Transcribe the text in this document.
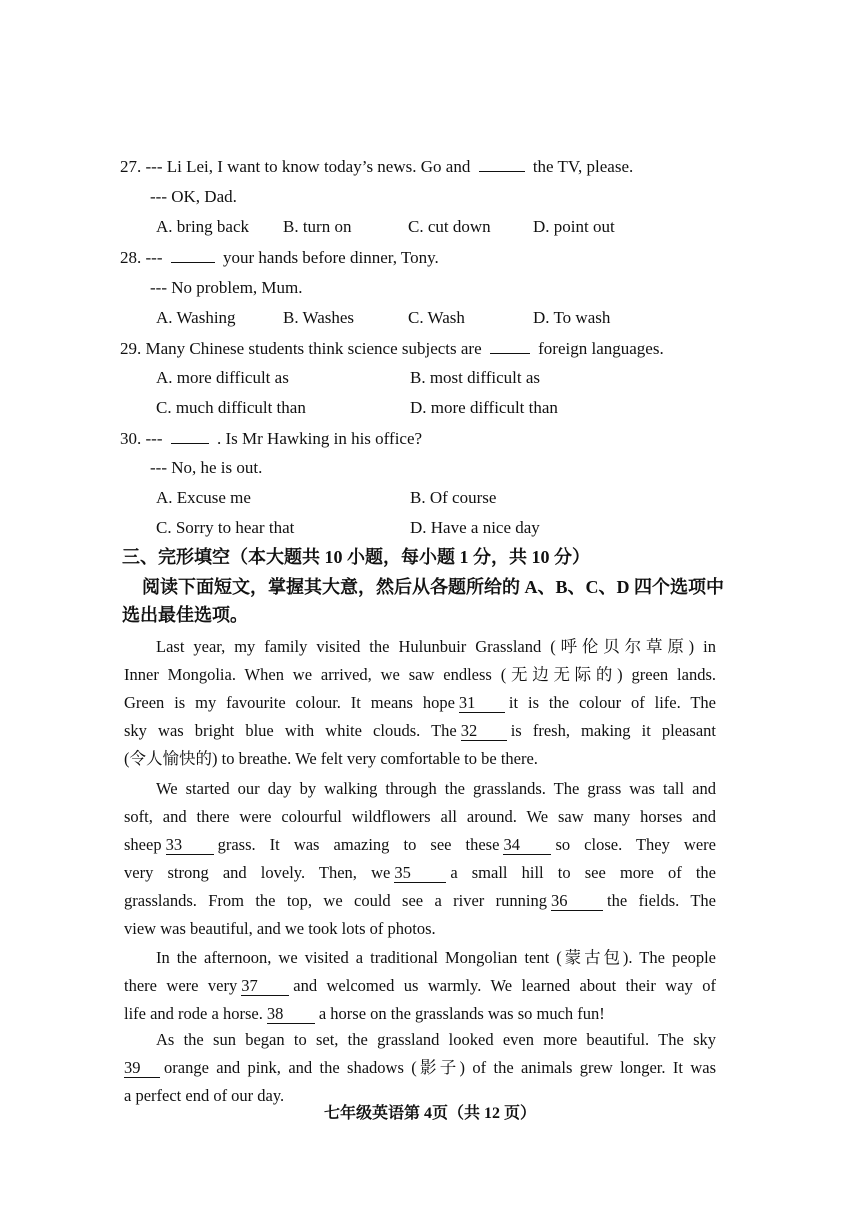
27. --- Li Lei, I want to know today’s news. Go and	the TV, please.
--- OK, Dad.
A. bring back B. turn on	C. cut down D. point out
28. ---	your hands before dinner, Tony.
--- No problem, Mum.
A. Washing	B. Washes	C. Wash	D. To wash
29. Many Chinese students think science subjects are	foreign languages.
A. more difficult as	B. most difficult as
C. much difficult than	D. more difficult than
30. ---	. Is Mr Hawking in his office?
--- No, he is out.
A. Excuse me	B. Of course
C. Sorry to hear that	D. Have a nice day
三、完形填空（本大题共 10 小题，每小题 1 分，共 10 分）
阅读下面短文，掌握其大意，然后从各题所给的 A、B、C、D 四个选项中
选出最佳选项。
Last year, my family visited the Hulunbuir Grassland (呼伦贝尔草原) in
Inner Mongolia. When we arrived, we saw endless (无边无际的) green lands.
Green is my favourite colour. It means hope 31 it is the colour of life. The
sky was bright blue with white clouds. The 32 is fresh, making it pleasant
(令人愉快的) to breathe. We felt very comfortable to be there.
We started our day by walking through the grasslands. The grass was tall and
soft, and there were colourful wildflowers all around. We saw many horses and
sheep 33 grass. It was amazing to see these 34 so close. They were
very strong and lovely. Then, we 35 a small hill to see more of the
grasslands. From the top, we could see a river running 36 the fields. The
view was beautiful, and we took lots of photos.
In the afternoon, we visited a traditional Mongolian tent (蒙古包). The people
there were very 37 and welcomed us warmly. We learned about their way of
life and rode a horse. 38 a horse on the grasslands was so much fun!
As the sun began to set, the grassland looked even more beautiful. The sky
39 orange and pink, and the shadows (影子) of the animals grew longer. It was
a perfect end of our day.
七年级英语第 4页（共 12 页）
